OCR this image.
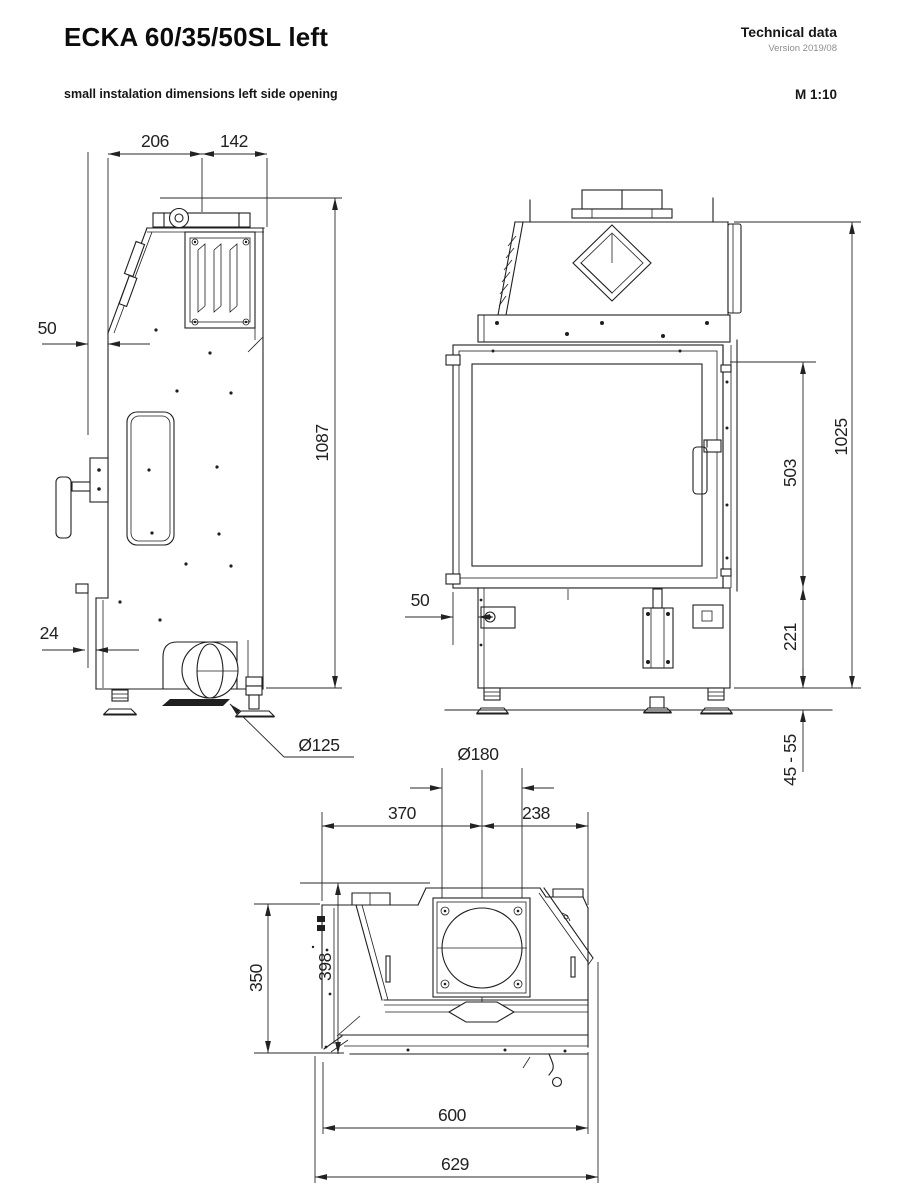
ECKA 60/35/50SL left	Technical data
Version 2019/08
small instalation dimensions left side opening	M 1:10
206	142
1087
50
24
Ø125
1025
503
221
45 - 55
50
Ø180
370	238
350	398
600
629
